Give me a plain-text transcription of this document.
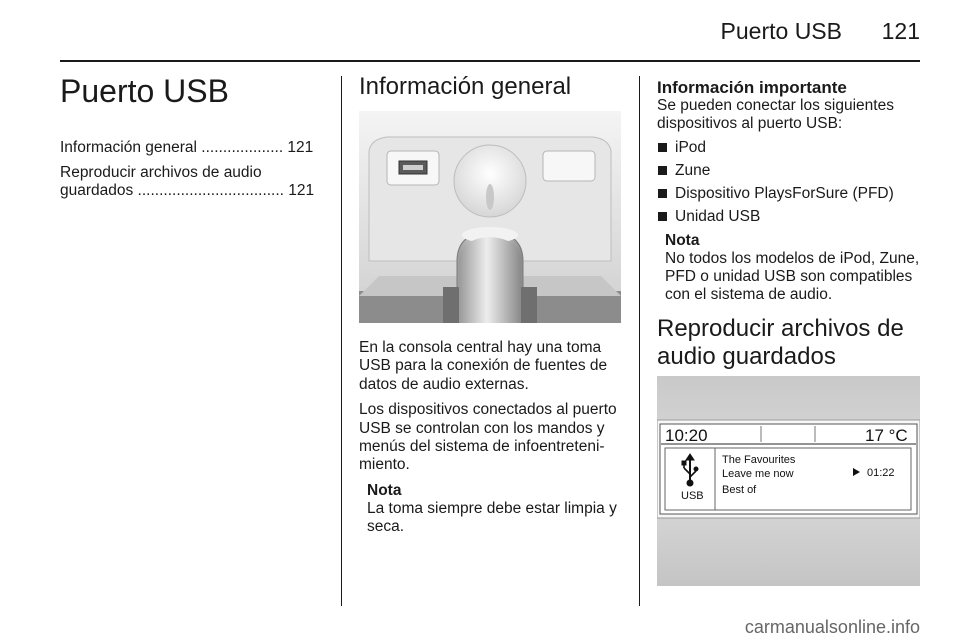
Puerto USB 121
Puerto USB
Información general ................... 121
Reproducir archivos de audio
guardados .................................. 121
Información general
En la consola central hay una toma USB para la conexión de fuentes de datos de audio externas.
Los dispositivos conectados al puerto USB se controlan con los mandos y menús del sistema de infoentreteni-miento.
Nota
La toma siempre debe estar limpia y seca.
Información importante
Se pueden conectar los siguientes dispositivos al puerto USB:
iPod
Zune
Dispositivo PlaysForSure (PFD)
Unidad USB
Nota
No todos los modelos de iPod, Zune, PFD o unidad USB son compatibles con el sistema de audio.
Reproducir archivos de audio guardados
10:20	17 °C
USB
The Favourites
Leave me now
Best of
01:22
carmanualsonline.info
